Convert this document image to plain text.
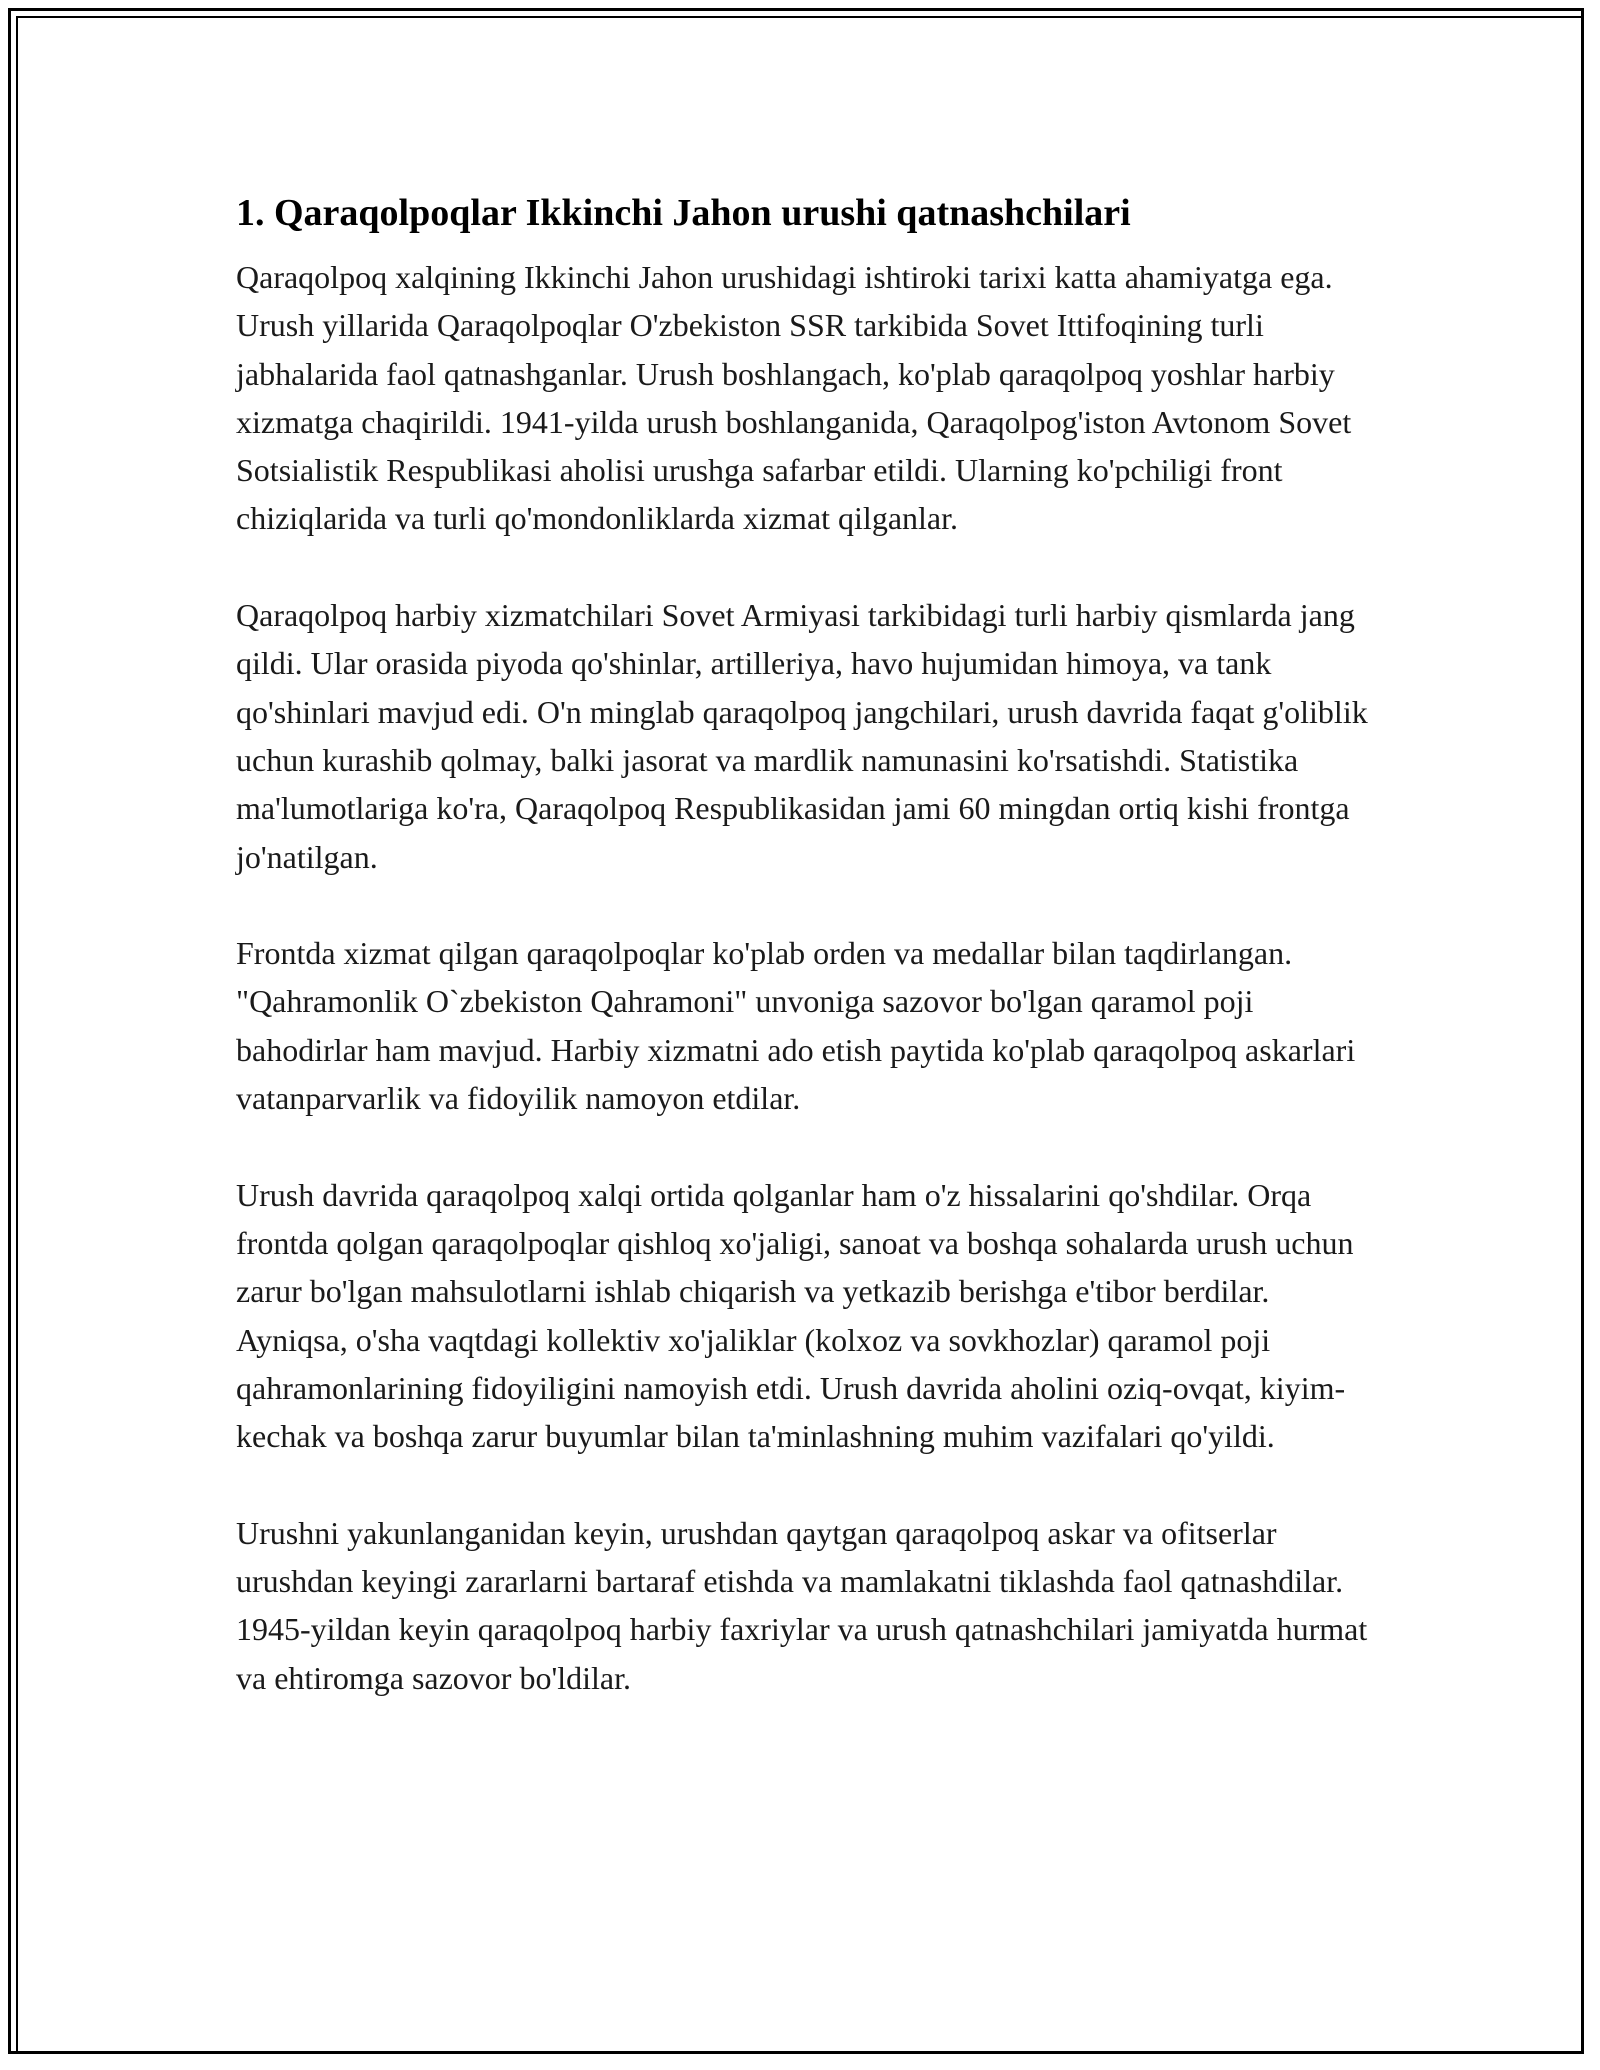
1. Qaraqolpoqlar Ikkinchi Jahon urushi qatnashchilari

Qaraqolpoq xalqining Ikkinchi Jahon urushidagi ishtiroki tarixi katta ahamiyatga ega. Urush yillarida Qaraqolpoqlar O'zbekiston SSR tarkibida Sovet Ittifoqining turli jabhalarida faol qatnashganlar. Urush boshlangach, ko'plab qaraqolpoq yoshlar harbiy xizmatga chaqirildi. 1941-yilda urush boshlanganida, Qaraqolpog'iston Avtonom Sovet Sotsialistik Respublikasi aholisi urushga safarbar etildi. Ularning ko'pchiligi front chiziqlarida va turli qo'mondonliklarda xizmat qilganlar.

Qaraqolpoq harbiy xizmatchilari Sovet Armiyasi tarkibidagi turli harbiy qismlarda jang qildi. Ular orasida piyoda qo'shinlar, artilleriya, havo hujumidan himoya, va tank qo'shinlari mavjud edi. O'n minglab qaraqolpoq jangchilari, urush davrida faqat g'oliblik uchun kurashib qolmay, balki jasorat va mardlik namunasini ko'rsatishdi. Statistika ma'lumotlariga ko'ra, Qaraqolpoq Respublikasidan jami 60 mingdan ortiq kishi frontga jo'natilgan.

Frontda xizmat qilgan qaraqolpoqlar ko'plab orden va medallar bilan taqdirlangan. "Qahramonlik O`zbekiston Qahramoni" unvoniga sazovor bo'lgan qaramol poji bahodirlar ham mavjud. Harbiy xizmatni ado etish paytida ko'plab qaraqolpoq askarlari vatanparvarlik va fidoyilik namoyon etdilar.

Urush davrida qaraqolpoq xalqi ortida qolganlar ham o'z hissalarini qo'shdilar. Orqa frontda qolgan qaraqolpoqlar qishloq xo'jaligi, sanoat va boshqa sohalarda urush uchun zarur bo'lgan mahsulotlarni ishlab chiqarish va yetkazib berishga e'tibor berdilar. Ayniqsa, o'sha vaqtdagi kollektiv xo'jaliklar (kolxoz va sovkhozlar) qaramol poji qahramonlarining fidoyiligini namoyish etdi. Urush davrida aholini oziq-ovqat, kiyim-kechak va boshqa zarur buyumlar bilan ta'minlashning muhim vazifalari qo'yildi.

Urushni yakunlanganidan keyin, urushdan qaytgan qaraqolpoq askar va ofitserlar urushdan keyingi zararlarni bartaraf etishda va mamlakatni tiklashda faol qatnashdilar. 1945-yildan keyin qaraqolpoq harbiy faxriylar va urush qatnashchilari jamiyatda hurmat va ehtiromga sazovor bo'ldilar.
